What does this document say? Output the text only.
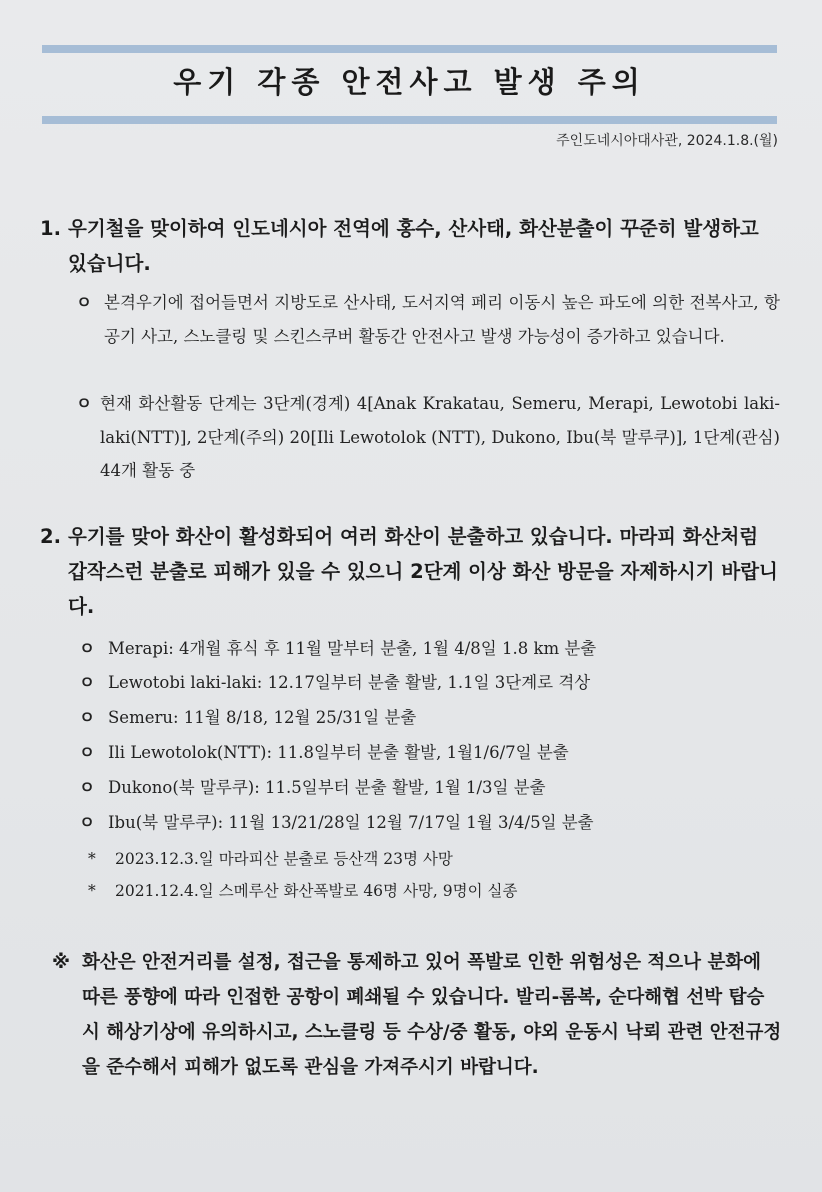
우기 각종 안전사고 발생 주의
주인도네시아대사관, 2024.1.8.(월)
1. 우기철을 맞이하여 인도네시아 전역에 홍수, 산사태, 화산분출이 꾸준히 발생하고 있습니다.
ㅇ 본격우기에 접어들면서 지방도로 산사태, 도서지역 페리 이동시 높은 파도에 의한 전복사고, 항공기 사고, 스노클링 및 스킨스쿠버 활동간 안전사고 발생 가능성이 증가하고 있습니다.
ㅇ 현재 화산활동 단계는 3단계(경계) 4[Anak Krakatau, Semeru, Merapi, Lewotobi laki-laki(NTT)], 2단계(주의) 20[Ili Lewotolok (NTT), Dukono, Ibu(북 말루쿠)], 1단계(관심) 44개 활동 중
2. 우기를 맞아 화산이 활성화되어 여러 화산이 분출하고 있습니다. 마라피 화산처럼 갑작스런 분출로 피해가 있을 수 있으니 2단계 이상 화산 방문을 자제하시기 바랍니다.
ㅇ Merapi: 4개월 휴식 후 11월 말부터 분출, 1월 4/8일 1.8 km 분출
ㅇ Lewotobi laki-laki: 12.17일부터 분출 활발, 1.1일 3단계로 격상
ㅇ Semeru: 11월 8/18, 12월 25/31일 분출
ㅇ Ili Lewotolok(NTT): 11.8일부터 분출 활발, 1월1/6/7일 분출
ㅇ Dukono(북 말루쿠): 11.5일부터 분출 활발, 1월 1/3일 분출
ㅇ Ibu(북 말루쿠): 11월 13/21/28일 12월 7/17일 1월 3/4/5일 분출
* 2023.12.3.일 마라피산 분출로 등산객 23명 사망
* 2021.12.4.일 스메루산 화산폭발로 46명 사망, 9명이 실종
※ 화산은 안전거리를 설정, 접근을 통제하고 있어 폭발로 인한 위험성은 적으나 분화에 따른 풍향에 따라 인접한 공항이 폐쇄될 수 있습니다. 발리-롬복, 순다해협 선박 탑승시 해상기상에 유의하시고, 스노클링 등 수상/중 활동, 야외 운동시 낙뢰 관련 안전규정을 준수해서 피해가 없도록 관심을 가져주시기 바랍니다.
